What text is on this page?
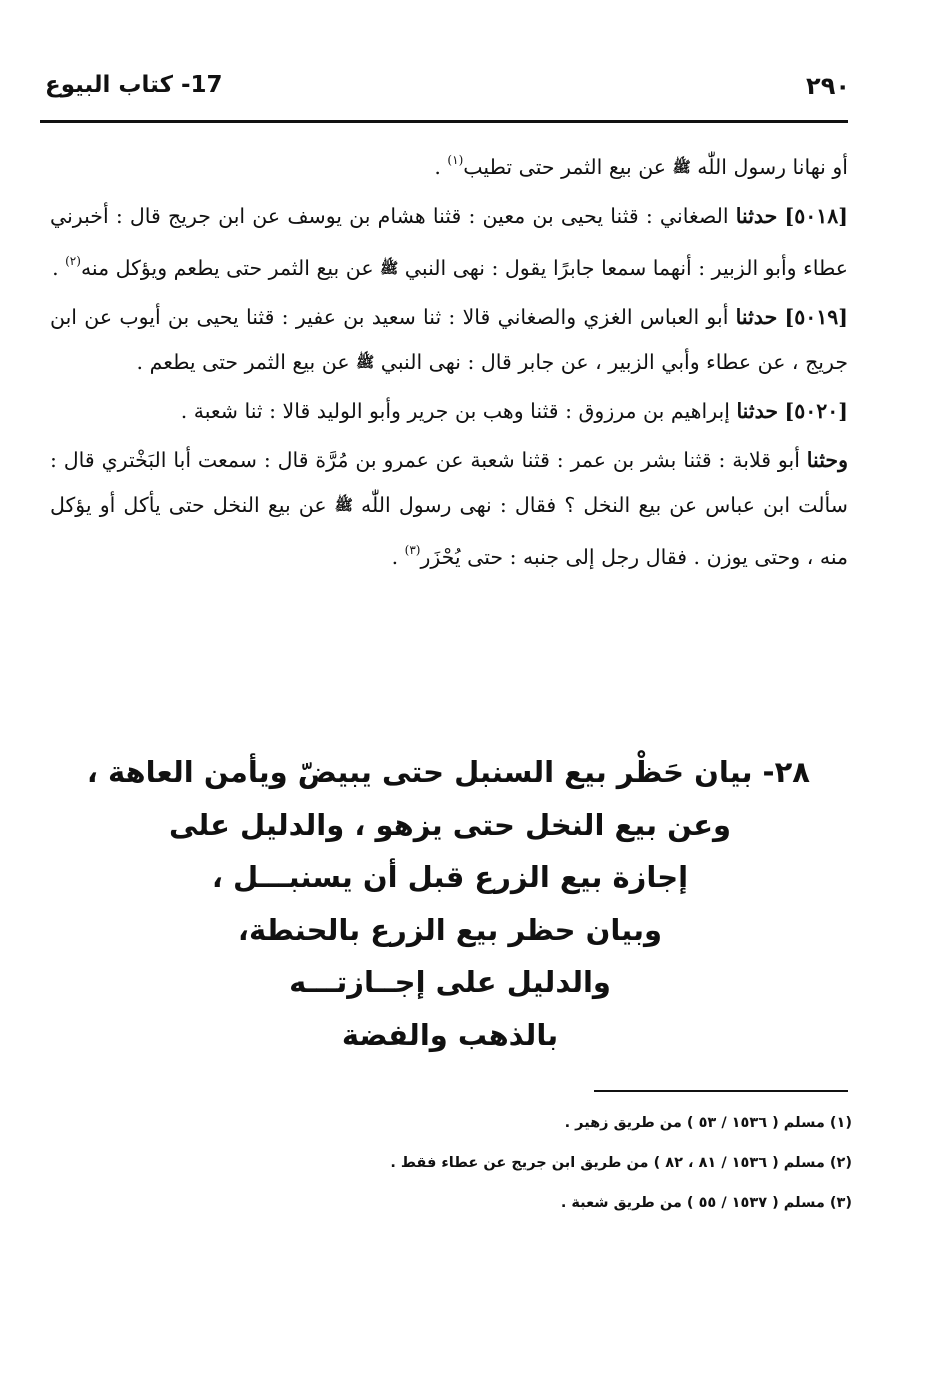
٢٩٠
17- كتاب البيوع

أو نهانا رسول اللّٰه ﷺ عن بيع الثمر حتى تطيب$^{(١)}$ .

[٥٠١٨] حدثنا الصغاني : قثنا يحيى بن معين : قثنا هشام بن يوسف عن ابن جريج قال : أخبرني عطاء وأبو الزبير : أنهما سمعا جابرًا يقول : نهى النبي ﷺ عن بيع الثمر حتى يطعم ويؤكل منه$^{(٢)}$ .

[٥٠١٩] حدثنا أبو العباس الغزي والصغاني قالا : ثنا سعيد بن عفير : قثنا يحيى بن أيوب عن ابن جريج ، عن عطاء وأبي الزبير ، عن جابر قال : نهى النبي ﷺ عن بيع الثمر حتى يطعم .

[٥٠٢٠] حدثنا إبراهيم بن مرزوق : قثنا وهب بن جرير وأبو الوليد قالا : ثنا شعبة .

وحثنا أبو قلابة : قثنا بشر بن عمر : قثنا شعبة عن عمرو بن مُرَّة قال : سمعت أبا البَخْتري قال : سألت ابن عباس عن بيع النخل ؟ فقال : نهى رسول اللّٰه ﷺ عن بيع النخل حتى يأكل أو يؤكل منه ، وحتى يوزن . فقال رجل إلى جنبه : حتى يُحْزَر$^{(٣)}$ .

٢٨- بيان حَظْر بيع السنبل حتى يبيضّ ويأمن العاهة ،
وعن بيع النخل حتى يزهو ، والدليل على
إجازة بيع الزرع قبل أن يسنبـــل ،
وبيان حظر بيع الزرع بالحنطة،
والدليل على إجــازتـــه
بالذهب والفضة
(١) مسلم ( ١٥٣٦ / ٥٣ ) من طريق زهير .
(٢) مسلم ( ١٥٣٦ / ٨١ ، ٨٢ ) من طريق ابن جريج عن عطاء فقط .
(٣) مسلم ( ١٥٣٧ / ٥٥ ) من طريق شعبة .
